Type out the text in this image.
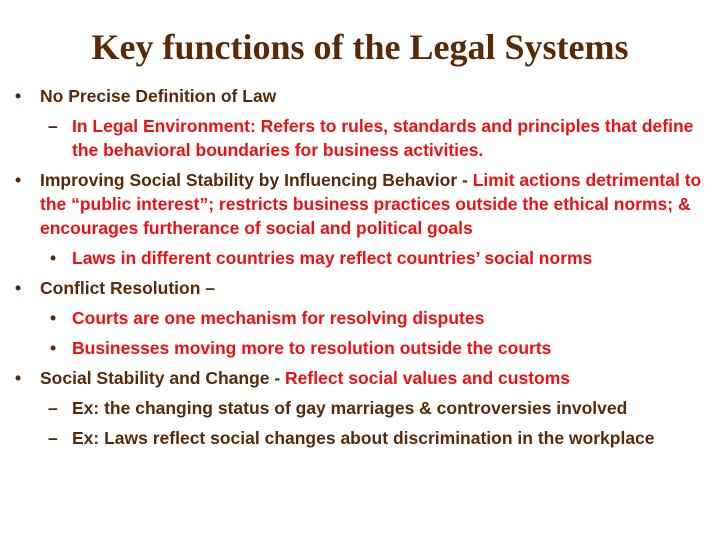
Key functions of the Legal Systems

• No Precise Definition of Law

– In Legal Environment: Refers to rules, standards and principles that define the behavioral boundaries for business activities.

• Improving Social Stability by Influencing Behavior - Limit actions detrimental to the “public interest”; restricts business practices outside the ethical norms; & encourages furtherance of social and political goals

• Laws in different countries may reflect countries’ social norms

• Conflict Resolution –

• Courts are one mechanism for resolving disputes

• Businesses moving more to resolution outside the courts

• Social Stability and Change - Reflect social values and customs

– Ex: the changing status of gay marriages & controversies involved

– Ex: Laws reflect social changes about discrimination in the workplace
